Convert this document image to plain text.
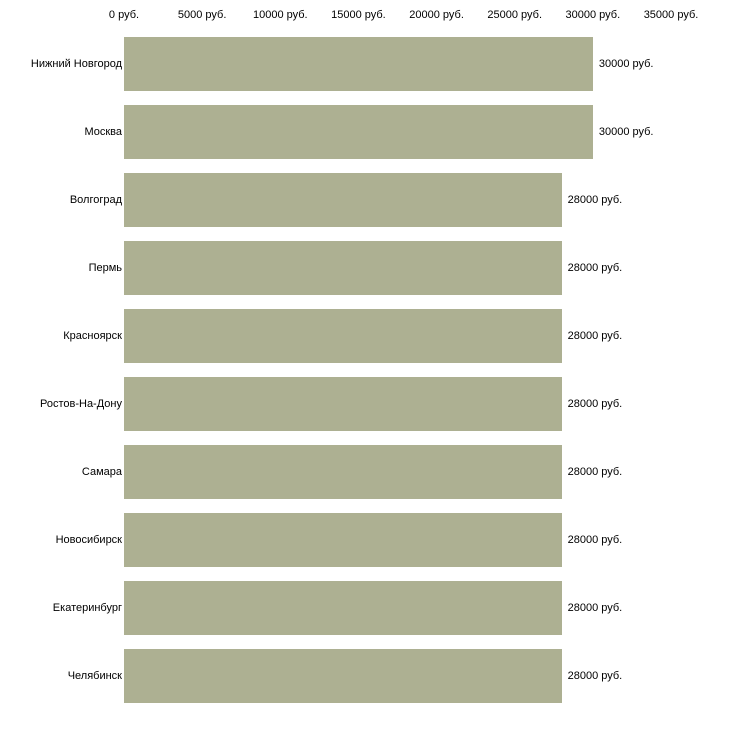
0 руб.	5000 руб. 10000 руб. 15000 руб. 20000 руб. 25000 руб. 30000 руб. 35000 руб.
Нижний Новгород	30000 руб.
Москва	30000 руб.
Волгоград	28000 руб.
Пермь	28000 руб.
Красноярск	28000 руб.
Ростов-На-Дону	28000 руб.
Самара	28000 руб.
Новосибирск	28000 руб.
Екатеринбург	28000 руб.
Челябинск	28000 руб.
